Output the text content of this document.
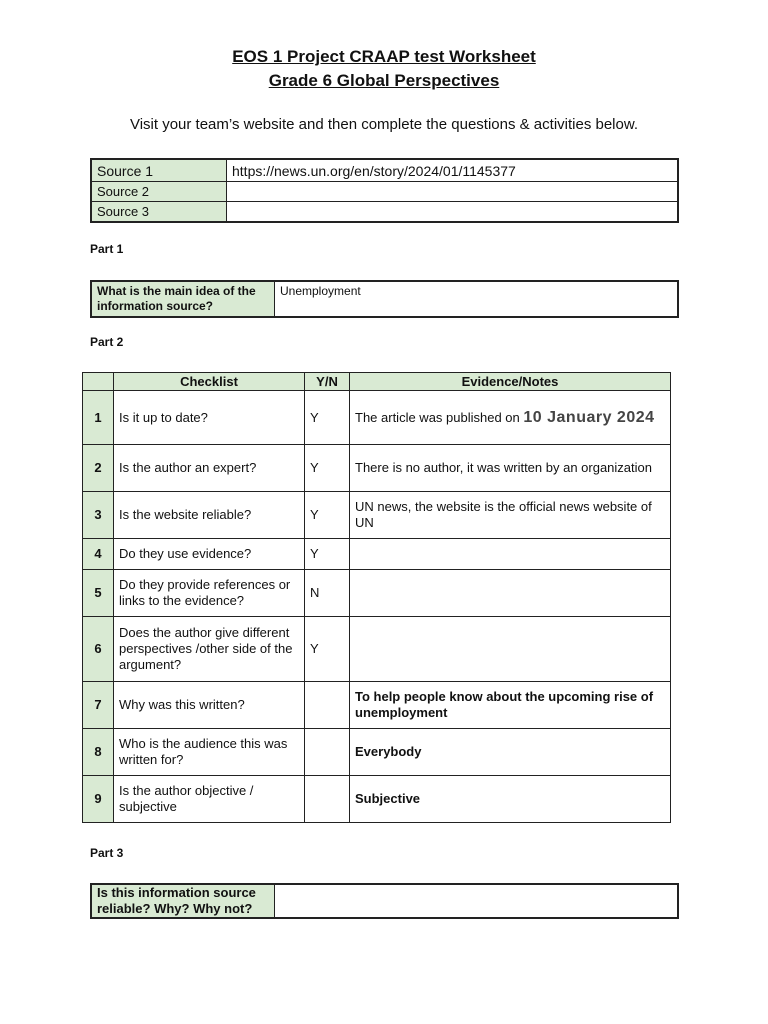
EOS 1 Project CRAAP test Worksheet
Grade 6 Global Perspectives
Visit your team’s website and then complete the questions & activities below.
Source 1	https://news.un.org/en/story/2024/01/1145377
Source 2	
Source 3	
Part 1
What is the main idea of the information source?	Unemployment
Part 2
	Checklist	Y/N	Evidence/Notes
1	Is it up to date?	Y	The article was published on 10 January 2024
2	Is the author an expert?	Y	There is no author, it was written by an organization
3	Is the website reliable?	Y	UN news, the website is the official news website of UN
4	Do they use evidence?	Y	
5	Do they provide references or links to the evidence?	N	
6	Does the author give different perspectives /other side of the argument?	Y	
7	Why was this written?		To help people know about the upcoming rise of unemployment
8	Who is the audience this was written for?		Everybody
9	Is the author objective / subjective		Subjective
Part 3
Is this information source reliable? Why? Why not?	
